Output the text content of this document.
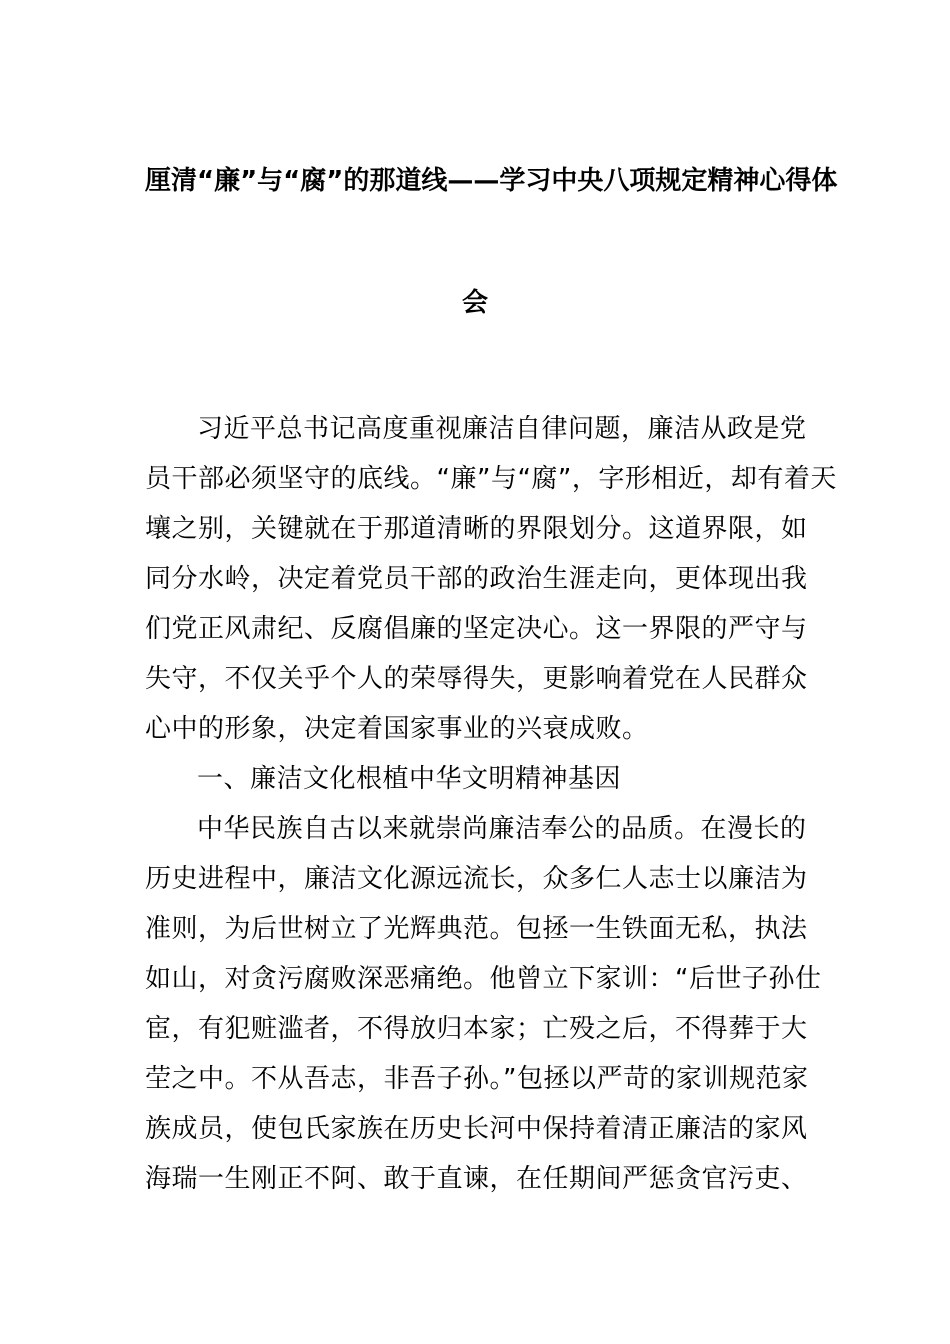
厘清“廉”与“腐”的那道线——学习中央八项规定精神心得体
会
习近平总书记高度重视廉洁自律问题，廉洁从政是党
员干部必须坚守的底线。“廉”与“腐”，字形相近，却有着天
壤之别，关键就在于那道清晰的界限划分。这道界限，如
同分水岭，决定着党员干部的政治生涯走向，更体现出我
们党正风肃纪、反腐倡廉的坚定决心。这一界限的严守与
失守，不仅关乎个人的荣辱得失，更影响着党在人民群众
心中的形象，决定着国家事业的兴衰成败。
一、廉洁文化根植中华文明精神基因
中华民族自古以来就崇尚廉洁奉公的品质。在漫长的
历史进程中，廉洁文化源远流长，众多仁人志士以廉洁为
准则，为后世树立了光辉典范。包拯一生铁面无私，执法
如山，对贪污腐败深恶痛绝。他曾立下家训：“后世子孙仕
宦，有犯赃滥者，不得放归本家；亡殁之后，不得葬于大
茔之中。不从吾志，非吾子孙。”包拯以严苛的家训规范家
族成员，使包氏家族在历史长河中保持着清正廉洁的家风
海瑞一生刚正不阿、敢于直谏，在任期间严惩贪官污吏、
